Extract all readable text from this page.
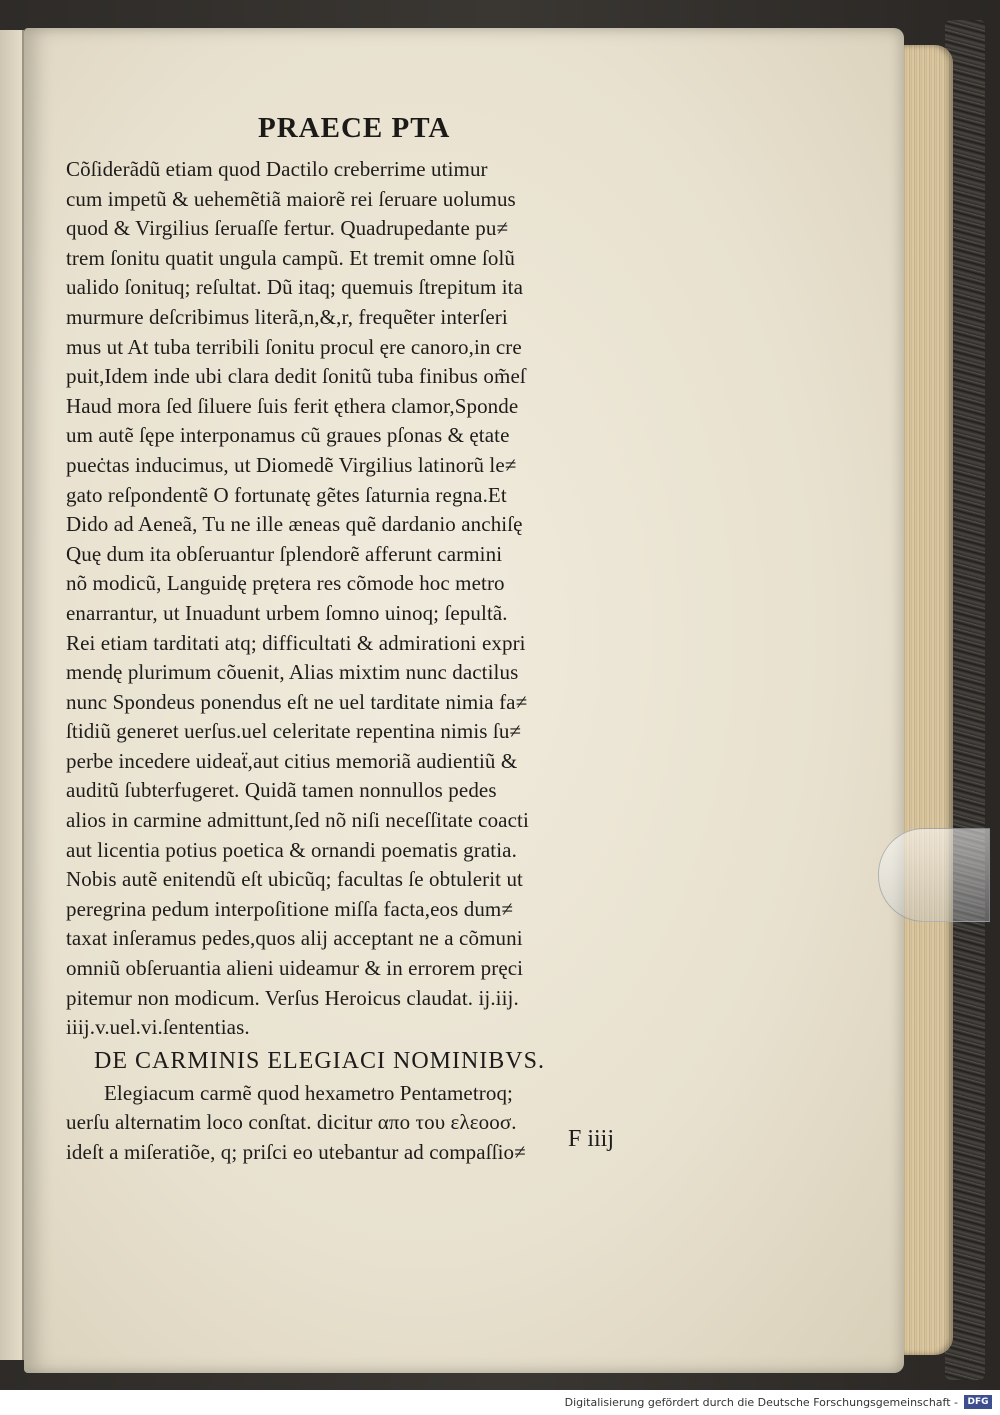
PRAECE PTA
Cõſiderãdũ etiam quod Dactilo creberrime utimur
cum impetũ & uehemẽtiã maiorẽ rei ſeruare uolumus
quod & Virgilius ſeruaſſe fertur. Quadrupedante pu≠
trem ſonitu quatit ungula campũ. Et tremit omne ſolũ
ualido ſonituq; reſultat. Dũ itaq; quemuis ſtrepitum ita
murmure deſcribimus literã,n,&,r, frequẽter interſeri
mus ut At tuba terribili ſonitu procul ęre canoro,in cre
puit,Idem inde ubi clara dedit ſonitũ tuba finibus om̃eſ
Haud mora ſed ſiluere ſuis ferit ęthera clamor,Sponde
um autẽ ſępe interponamus cũ graues pſonas & ętate
pueċtas inducimus, ut Diomedẽ Virgilius latinorũ le≠
gato reſpondentẽ O fortunatę gẽtes ſaturnia regna.Et
Dido ad Aeneã, Tu ne ille æneas quẽ dardanio anchiſę
Quę dum ita obſeruantur ſplendorẽ afferunt carmini
nõ modicũ, Languidę prętera res cõmode hoc metro
enarrantur, ut Inuadunt urbem ſomno uinoq; ſepultã.
Rei etiam tarditati atq; difficultati & admirationi expri
mendę plurimum cõuenit, Alias mixtim nunc dactilus
nunc Spondeus ponendus eſt ne uel tarditate nimia fa≠
ſtidiũ generet uerſus.uel celeritate repentina nimis ſu≠
perbe incedere uideaẗ,aut citius memoriã audientiũ &
auditũ ſubterfugeret. Quidã tamen nonnullos pedes
alios in carmine admittunt,ſed nõ niſi neceſſitate coacti
aut licentia potius poetica & ornandi poematis gratia.
Nobis autẽ enitendũ eſt ubicũq; facultas ſe obtulerit ut
peregrina pedum interpoſitione miſſa facta,eos dum≠
taxat inſeramus pedes,quos alij acceptant ne a cõmuni
omniũ obſeruantia alieni uideamur & in errorem pręci
pitemur non modicum. Verſus Heroicus claudat. ij.iij.
iiij.v.uel.vi.ſententias.
DE CARMINIS ELEGIACI NOMINIBVS.
Elegiacum carmẽ quod hexametro Pentametroq;
uerſu alternatim loco conſtat. dicitur απο του ελεοοσ.
ideſt a miſeratiõe, q; priſci eo utebantur ad compaſſio≠	F iiij

Digitalisierung gefördert durch die Deutsche Forschungsgemeinschaft -	DFG
